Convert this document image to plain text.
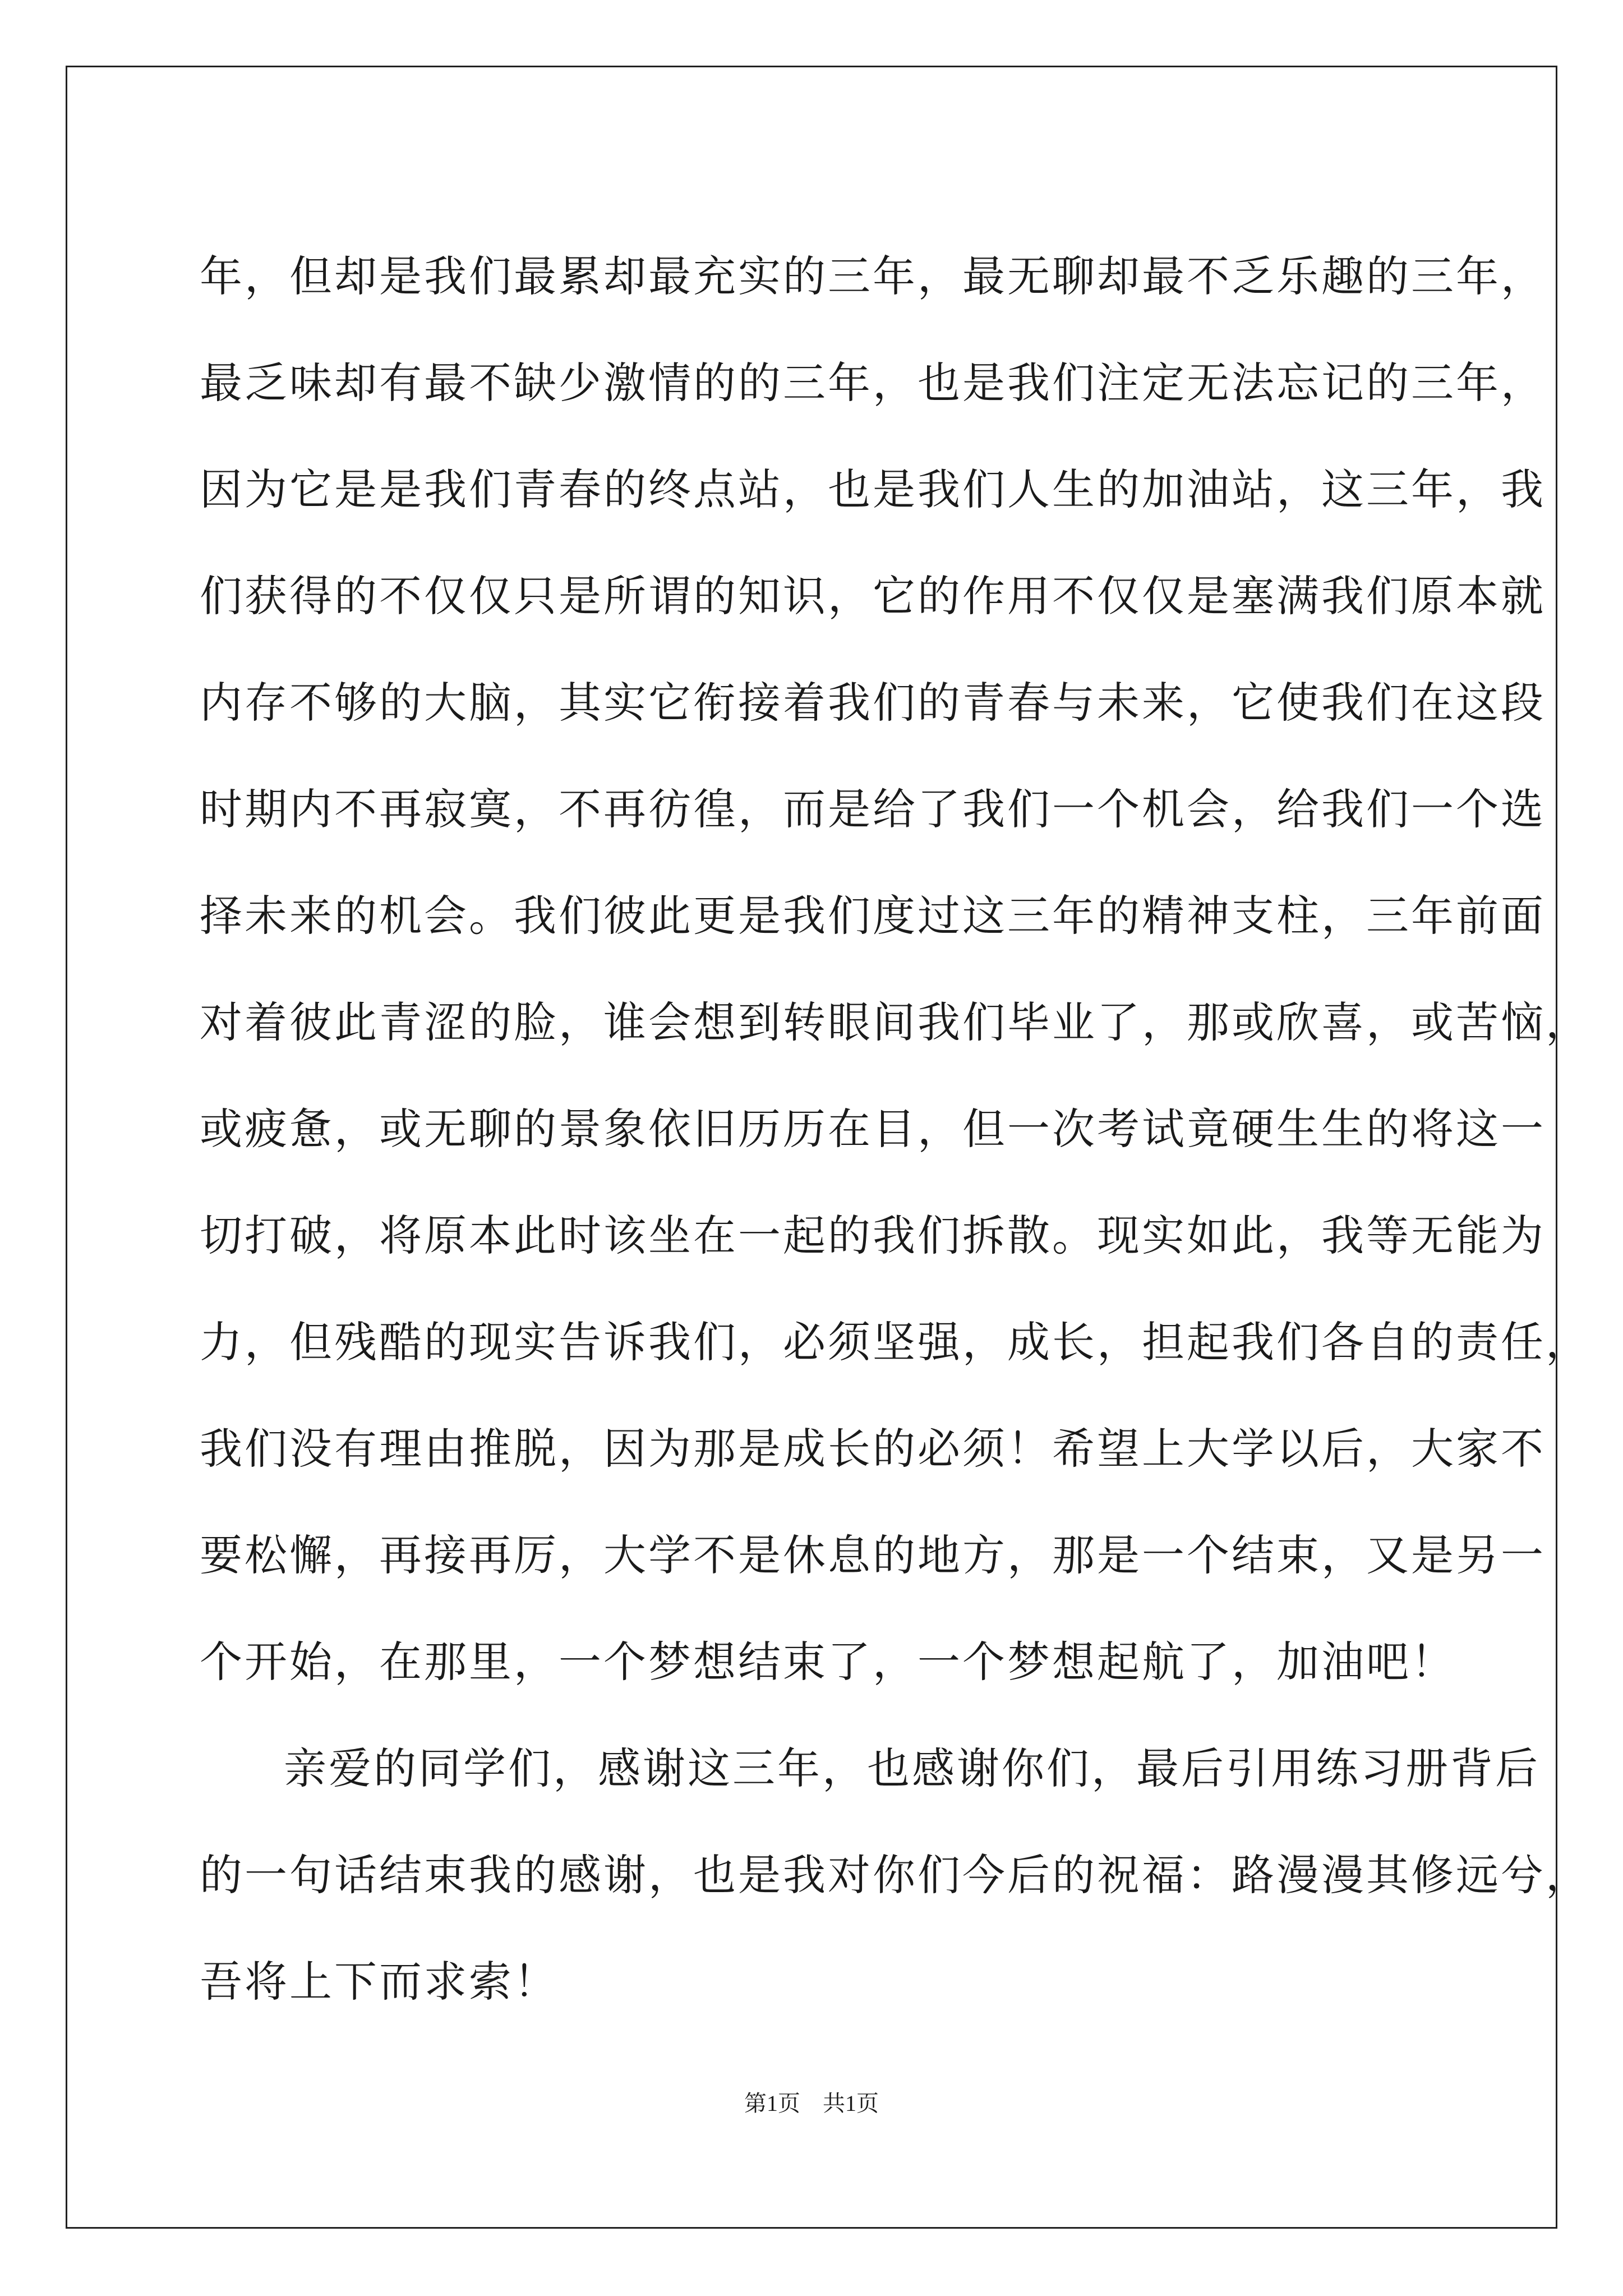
年，但却是我们最累却最充实的三年，最无聊却最不乏乐趣的三年，
最乏味却有最不缺少激情的的三年，也是我们注定无法忘记的三年，
因为它是是我们青春的终点站，也是我们人生的加油站，这三年，我
们获得的不仅仅只是所谓的知识，它的作用不仅仅是塞满我们原本就
内存不够的大脑，其实它衔接着我们的青春与未来，它使我们在这段
时期内不再寂寞，不再彷徨，而是给了我们一个机会，给我们一个选
择未来的机会。我们彼此更是我们度过这三年的精神支柱，三年前面
对着彼此青涩的脸，谁会想到转眼间我们毕业了，那或欣喜，或苦恼，
或疲惫，或无聊的景象依旧历历在目，但一次考试竟硬生生的将这一
切打破，将原本此时该坐在一起的我们拆散。现实如此，我等无能为
力，但残酷的现实告诉我们，必须坚强，成长，担起我们各自的责任，
我们没有理由推脱，因为那是成长的必须！希望上大学以后，大家不
要松懈，再接再厉，大学不是休息的地方，那是一个结束，又是另一
个开始，在那里，一个梦想结束了，一个梦想起航了，加油吧！
亲爱的同学们，感谢这三年，也感谢你们，最后引用练习册背后
的一句话结束我的感谢，也是我对你们今后的祝福：路漫漫其修远兮，
吾将上下而求索！
第1页　共1页
